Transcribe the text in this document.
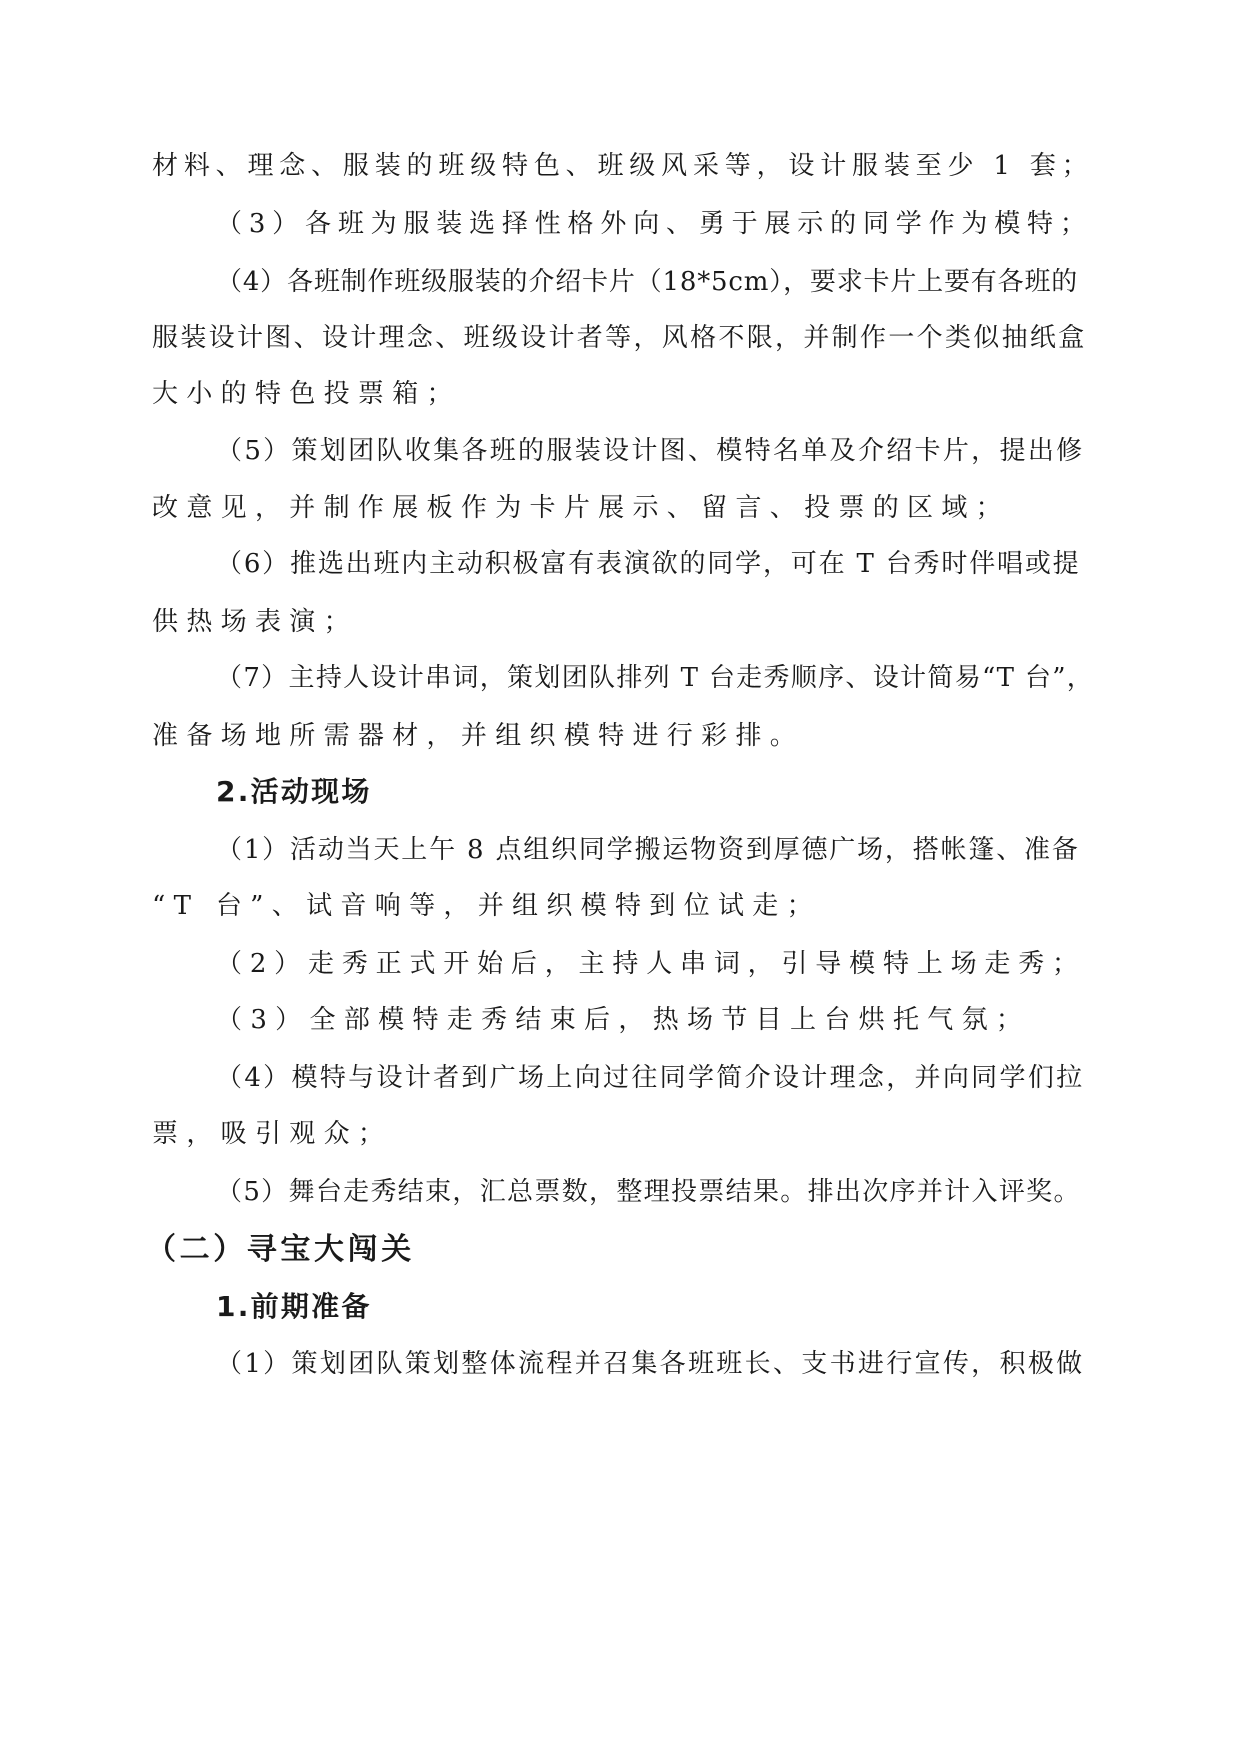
材料、理念、服装的班级特色、班级风采等，设计服装至少 1 套；
（3）各班为服装选择性格外向、勇于展示的同学作为模特；
（4）各班制作班级服装的介绍卡片（18*5cm），要求卡片上要有各班的
服装设计图、设计理念、班级设计者等，风格不限，并制作一个类似抽纸盒
大小的特色投票箱；
（5）策划团队收集各班的服装设计图、模特名单及介绍卡片，提出修
改意见，并制作展板作为卡片展示、留言、投票的区域；
（6）推选出班内主动积极富有表演欲的同学，可在 T 台秀时伴唱或提
供热场表演；
（7）主持人设计串词，策划团队排列 T 台走秀顺序、设计简易“T 台”，
准备场地所需器材，并组织模特进行彩排。
2.活动现场
（1）活动当天上午 8 点组织同学搬运物资到厚德广场，搭帐篷、准备
“T 台”、试音响等，并组织模特到位试走；
（2）走秀正式开始后，主持人串词，引导模特上场走秀；
（3）全部模特走秀结束后，热场节目上台烘托气氛；
（4）模特与设计者到广场上向过往同学简介设计理念，并向同学们拉
票，吸引观众；
（5）舞台走秀结束，汇总票数，整理投票结果。排出次序并计入评奖。
（二）寻宝大闯关
1.前期准备
（1）策划团队策划整体流程并召集各班班长、支书进行宣传，积极做
